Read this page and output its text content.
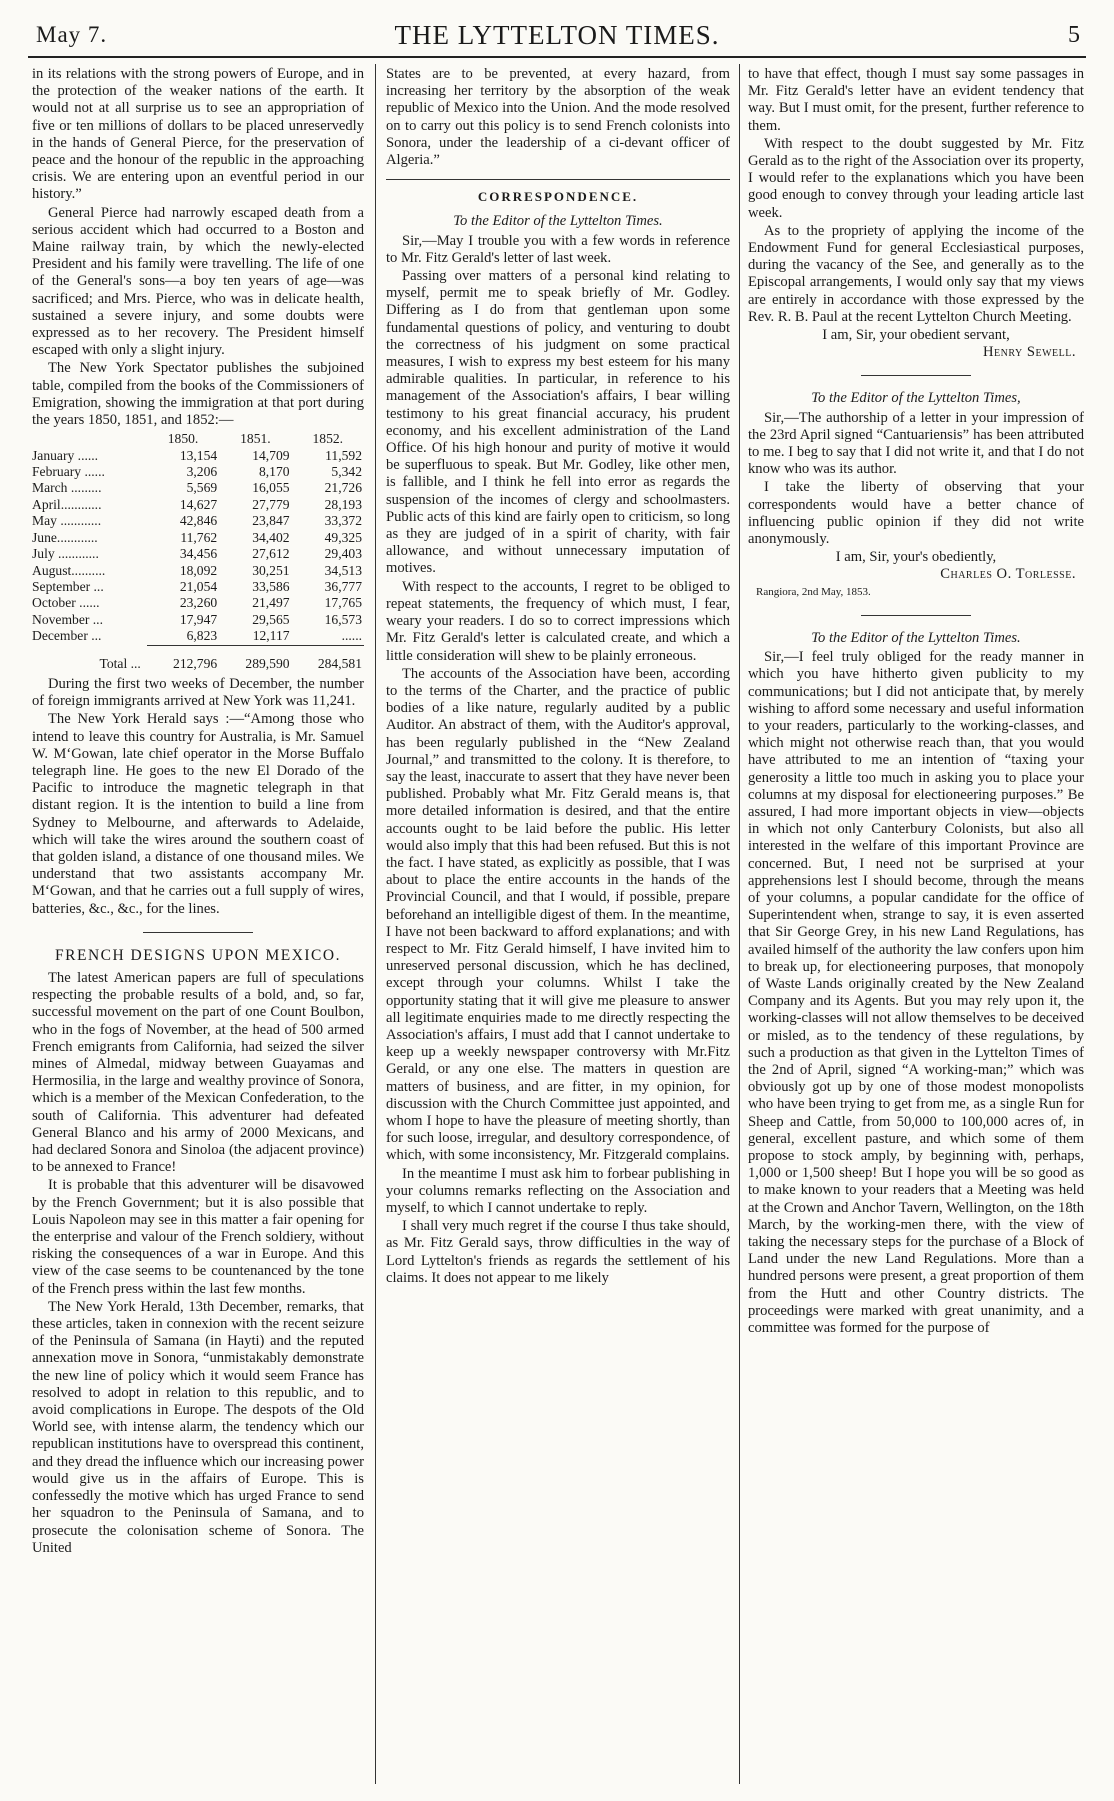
May 7.	THE LYTTELTON TIMES.	5

in its relations with the strong powers of Europe, and in the protection of the weaker nations of the earth. It would not at all surprise us to see an appropriation of five or ten millions of dollars to be placed unreservedly in the hands of General Pierce, for the preservation of peace and the honour of the republic in the approaching crisis. We are entering upon an eventful period in our history.”

General Pierce had narrowly escaped death from a serious accident which had occurred to a Boston and Maine railway train, by which the newly-elected President and his family were travelling. The life of one of the General's sons—a boy ten years of age—was sacrificed; and Mrs. Pierce, who was in delicate health, sustained a severe injury, and some doubts were expressed as to her recovery. The President himself escaped with only a slight injury.

The New York Spectator publishes the subjoined table, compiled from the books of the Commissioners of Emigration, showing the immigration at that port during the years 1850, 1851, and 1852:—

	1850.	1851.	1852.
January ......	13,154	14,709	11,592
February ......	3,206	8,170	5,342
March .........	5,569	16,055	21,726
April............	14,627	27,779	28,193
May ............	42,846	23,847	33,372
June............	11,762	34,402	49,325
July ............	34,456	27,612	29,403
August..........	18,092	30,251	34,513
September ...	21,054	33,586	36,777
October ......	23,260	21,497	17,765
November ...	17,947	29,565	16,573
December ...	6,823	12,117	......

Total ...	212,796	289,590	284,581

During the first two weeks of December, the number of foreign immigrants arrived at New York was 11,241.

The New York Herald says :—“Among those who intend to leave this country for Australia, is Mr. Samuel W. M‘Gowan, late chief operator in the Morse Buffalo telegraph line. He goes to the new El Dorado of the Pacific to introduce the magnetic telegraph in that distant region. It is the intention to build a line from Sydney to Melbourne, and afterwards to Adelaide, which will take the wires around the southern coast of that golden island, a distance of one thousand miles. We understand that two assistants accompany Mr. M‘Gowan, and that he carries out a full supply of wires, batteries, &c., &c., for the lines.

FRENCH DESIGNS UPON MEXICO.

The latest American papers are full of speculations respecting the probable results of a bold, and, so far, successful movement on the part of one Count Boulbon, who in the fogs of November, at the head of 500 armed French emigrants from California, had seized the silver mines of Almedal, midway between Guayamas and Hermosilia, in the large and wealthy province of Sonora, which is a member of the Mexican Confederation, to the south of California. This adventurer had defeated General Blanco and his army of 2000 Mexicans, and had declared Sonora and Sinoloa (the adjacent province) to be annexed to France!

It is probable that this adventurer will be disavowed by the French Government; but it is also possible that Louis Napoleon may see in this matter a fair opening for the enterprise and valour of the French soldiery, without risking the consequences of a war in Europe. And this view of the case seems to be countenanced by the tone of the French press within the last few months.

The New York Herald, 13th December, remarks, that these articles, taken in connexion with the recent seizure of the Peninsula of Samana (in Hayti) and the reputed annexation move in Sonora, “unmistakably demonstrate the new line of policy which it would seem France has resolved to adopt in relation to this republic, and to avoid complications in Europe. The despots of the Old World see, with intense alarm, the tendency which our republican institutions have to overspread this continent, and they dread the influence which our increasing power would give us in the affairs of Europe. This is confessedly the motive which has urged France to send her squadron to the Peninsula of Samana, and to prosecute the colonisation scheme of Sonora. The United

States are to be prevented, at every hazard, from increasing her territory by the absorption of the weak republic of Mexico into the Union. And the mode resolved on to carry out this policy is to send French colonists into Sonora, under the leadership of a ci-devant officer of Algeria.”

CORRESPONDENCE.
To the Editor of the Lyttelton Times.

Sir,—May I trouble you with a few words in reference to Mr. Fitz Gerald's letter of last week.

Passing over matters of a personal kind relating to myself, permit me to speak briefly of Mr. Godley. Differing as I do from that gentleman upon some fundamental questions of policy, and venturing to doubt the correctness of his judgment on some practical measures, I wish to express my best esteem for his many admirable qualities. In particular, in reference to his management of the Association's affairs, I bear willing testimony to his great financial accuracy, his prudent economy, and his excellent administration of the Land Office. Of his high honour and purity of motive it would be superfluous to speak. But Mr. Godley, like other men, is fallible, and I think he fell into error as regards the suspension of the incomes of clergy and schoolmasters. Public acts of this kind are fairly open to criticism, so long as they are judged of in a spirit of charity, with fair allowance, and without unnecessary imputation of motives.

With respect to the accounts, I regret to be obliged to repeat statements, the frequency of which must, I fear, weary your readers. I do so to correct impressions which Mr. Fitz Gerald's letter is calculated create, and which a little consideration will shew to be plainly erroneous.

The accounts of the Association have been, according to the terms of the Charter, and the practice of public bodies of a like nature, regularly audited by a public Auditor. An abstract of them, with the Auditor's approval, has been regularly published in the “New Zealand Journal,” and transmitted to the colony. It is therefore, to say the least, inaccurate to assert that they have never been published. Probably what Mr. Fitz Gerald means is, that more detailed information is desired, and that the entire accounts ought to be laid before the public. His letter would also imply that this had been refused. But this is not the fact. I have stated, as explicitly as possible, that I was about to place the entire accounts in the hands of the Provincial Council, and that I would, if possible, prepare beforehand an intelligible digest of them. In the meantime, I have not been backward to afford explanations; and with respect to Mr. Fitz Gerald himself, I have invited him to unreserved personal discussion, which he has declined, except through your columns. Whilst I take the opportunity stating that it will give me pleasure to answer all legitimate enquiries made to me directly respecting the Association's affairs, I must add that I cannot undertake to keep up a weekly newspaper controversy with Mr.Fitz Gerald, or any one else. The matters in question are matters of business, and are fitter, in my opinion, for discussion with the Church Committee just appointed, and whom I hope to have the pleasure of meeting shortly, than for such loose, irregular, and desultory correspondence, of which, with some inconsistency, Mr. Fitzgerald complains.

In the meantime I must ask him to forbear publishing in your columns remarks reflecting on the Association and myself, to which I cannot undertake to reply.

I shall very much regret if the course I thus take should, as Mr. Fitz Gerald says, throw difficulties in the way of Lord Lyttelton's friends as regards the settlement of his claims. It does not appear to me likely

to have that effect, though I must say some passages in Mr. Fitz Gerald's letter have an evident tendency that way. But I must omit, for the present, further reference to them.

With respect to the doubt suggested by Mr. Fitz Gerald as to the right of the Association over its property, I would refer to the explanations which you have been good enough to convey through your leading article last week.

As to the propriety of applying the income of the Endowment Fund for general Ecclesiastical purposes, during the vacancy of the See, and generally as to the Episcopal arrangements, I would only say that my views are entirely in accordance with those expressed by the Rev. R. B. Paul at the recent Lyttelton Church Meeting.

I am, Sir, your obedient servant,
Henry Sewell.
To the Editor of the Lyttelton Times,

Sir,—The authorship of a letter in your impression of the 23rd April signed “Cantuariensis” has been attributed to me. I beg to say that I did not write it, and that I do not know who was its author.

I take the liberty of observing that your correspondents would have a better chance of influencing public opinion if they did not write anonymously.

I am, Sir, your's obediently,
Charles O. Torlesse.
Rangiora, 2nd May, 1853.
To the Editor of the Lyttelton Times.

Sir,—I feel truly obliged for the ready manner in which you have hitherto given publicity to my communications; but I did not anticipate that, by merely wishing to afford some necessary and useful information to your readers, particularly to the working-classes, and which might not otherwise reach than, that you would have attributed to me an intention of “taxing your generosity a little too much in asking you to place your columns at my disposal for electioneering purposes.” Be assured, I had more important objects in view—objects in which not only Canterbury Colonists, but also all interested in the welfare of this important Province are concerned. But, I need not be surprised at your apprehensions lest I should become, through the means of your columns, a popular candidate for the office of Superintendent when, strange to say, it is even asserted that Sir George Grey, in his new Land Regulations, has availed himself of the authority the law confers upon him to break up, for electioneering purposes, that monopoly of Waste Lands originally created by the New Zealand Company and its Agents. But you may rely upon it, the working-classes will not allow themselves to be deceived or misled, as to the tendency of these regulations, by such a production as that given in the Lyttelton Times of the 2nd of April, signed “A working-man;” which was obviously got up by one of those modest monopolists who have been trying to get from me, as a single Run for Sheep and Cattle, from 50,000 to 100,000 acres of, in general, excellent pasture, and which some of them propose to stock amply, by beginning with, perhaps, 1,000 or 1,500 sheep! But I hope you will be so good as to make known to your readers that a Meeting was held at the Crown and Anchor Tavern, Wellington, on the 18th March, by the working-men there, with the view of taking the necessary steps for the purchase of a Block of Land under the new Land Regulations. More than a hundred persons were present, a great proportion of them from the Hutt and other Country districts. The proceedings were marked with great unanimity, and a committee was formed for the purpose of
